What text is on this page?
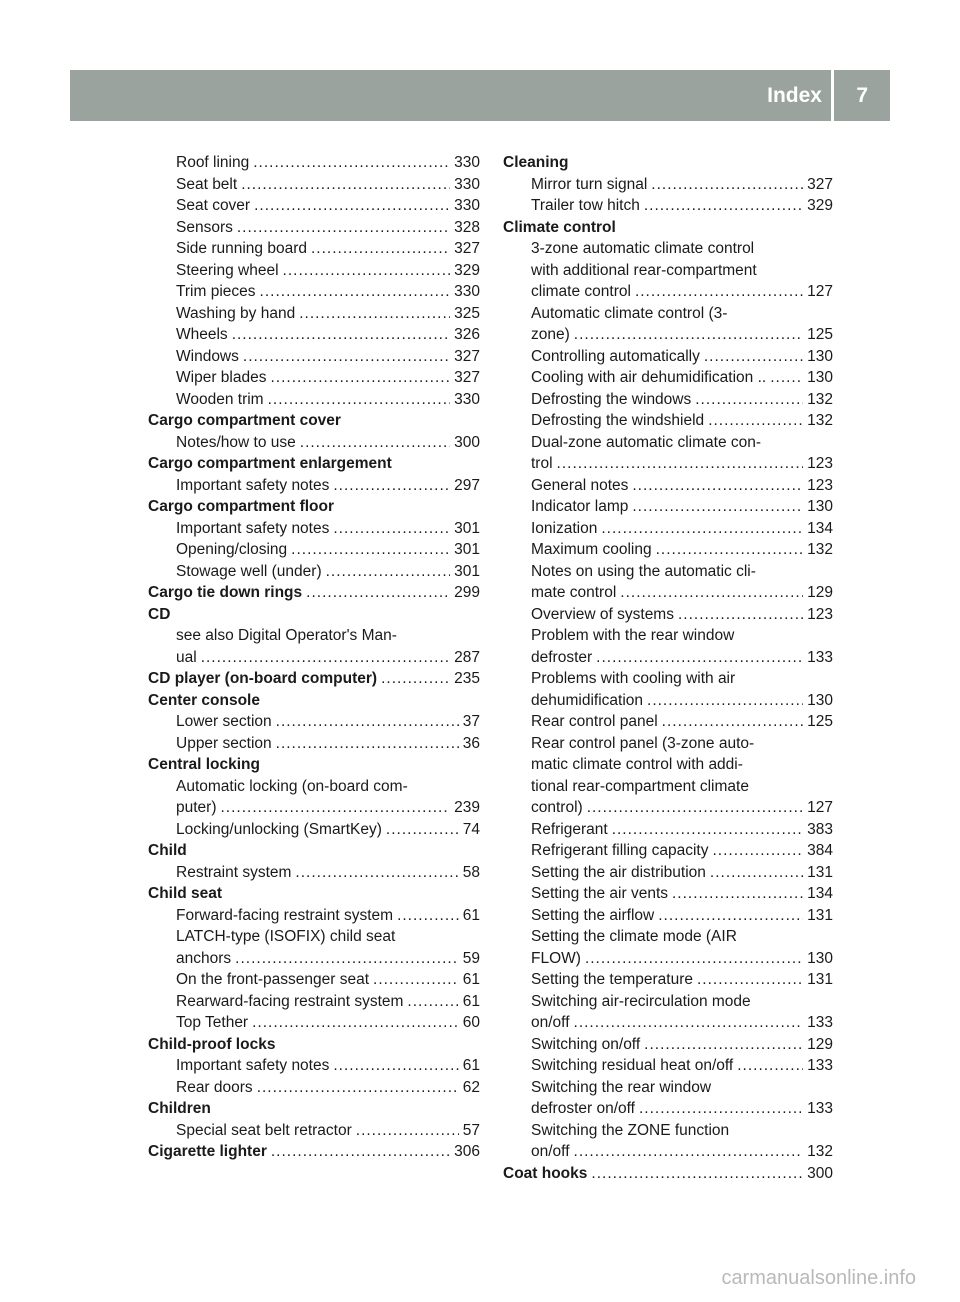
Index 7
Roof lining .....	330
Seat belt .....	330
Seat cover .....	330
Sensors .....	328
Side running board .....	327
Steering wheel .....	329
Trim pieces .....	330
Washing by hand .....	325
Wheels .....	326
Windows .....	327
Wiper blades .....	327
Wooden trim .....	330
Cargo compartment cover
Notes/how to use .....	300
Cargo compartment enlargement
Important safety notes .....	297
Cargo compartment floor
Important safety notes .....	301
Opening/closing .....	301
Stowage well (under) .....	301
Cargo tie down rings .....	299
CD
see also Digital Operator's Man-
ual .....	287
CD player (on-board computer) .....	235
Center console
Lower section .....	37
Upper section .....	36
Central locking
Automatic locking (on-board com-
puter) .....	239
Locking/unlocking (SmartKey) .....	74
Child
Restraint system .....	58
Child seat
Forward-facing restraint system .....	61
LATCH-type (ISOFIX) child seat
anchors .....	59
On the front-passenger seat .....	61
Rearward-facing restraint system .....	61
Top Tether .....	60
Child-proof locks
Important safety notes .....	61
Rear doors .....	62
Children
Special seat belt retractor .....	57
Cigarette lighter .....	306
Cleaning
Mirror turn signal .....	327
Trailer tow hitch .....	329
Climate control
3-zone automatic climate control
with additional rear-compartment
climate control .....	127
Automatic climate control (3-
zone) .....	125
Controlling automatically .....	130
Cooling with air dehumidification .. .....	130
Defrosting the windows .....	132
Defrosting the windshield .....	132
Dual-zone automatic climate con-
trol .....	123
General notes .....	123
Indicator lamp .....	130
Ionization .....	134
Maximum cooling .....	132
Notes on using the automatic cli-
mate control .....	129
Overview of systems .....	123
Problem with the rear window
defroster .....	133
Problems with cooling with air
dehumidification .....	130
Rear control panel .....	125
Rear control panel (3-zone auto-
matic climate control with addi-
tional rear-compartment climate
control) .....	127
Refrigerant .....	383
Refrigerant filling capacity .....	384
Setting the air distribution .....	131
Setting the air vents .....	134
Setting the airflow .....	131
Setting the climate mode (AIR
FLOW) .....	130
Setting the temperature .....	131
Switching air-recirculation mode
on/off .....	133
Switching on/off .....	129
Switching residual heat on/off .....	133
Switching the rear window
defroster on/off .....	133
Switching the ZONE function
on/off .....	132
Coat hooks .....	300
carmanualsonline.info
